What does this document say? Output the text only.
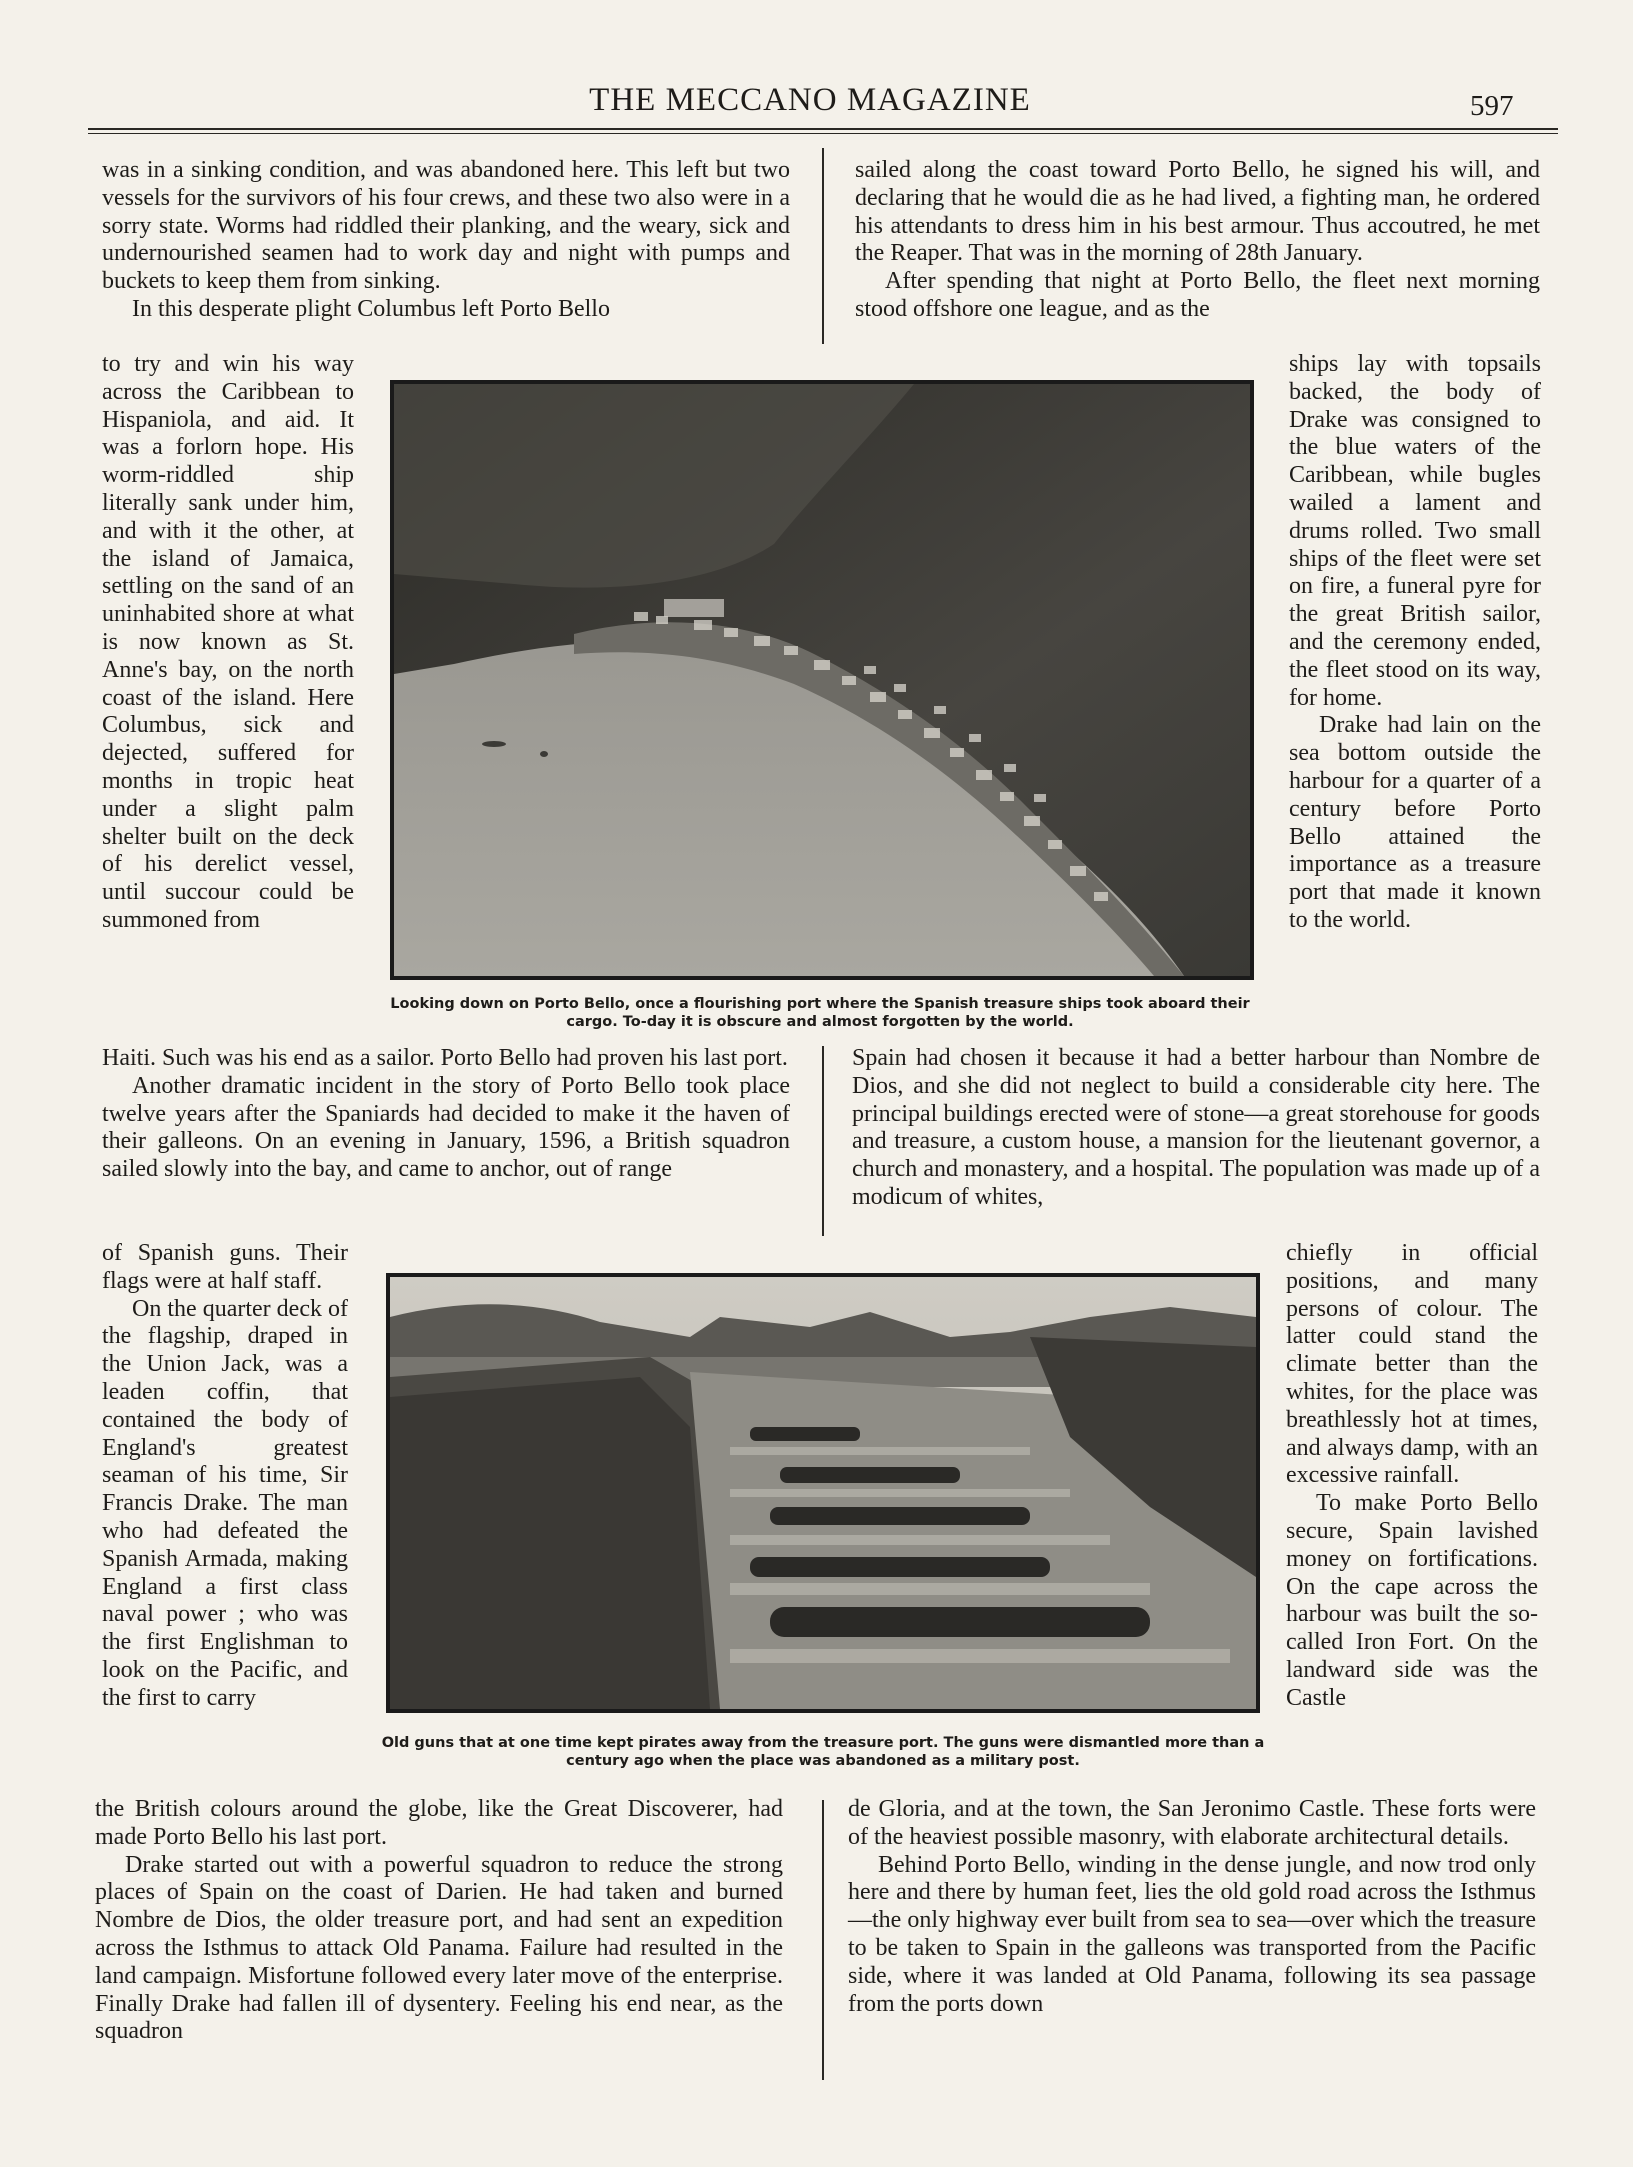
THE MECCANO MAGAZINE	597

was in a sinking condition, and was abandoned here. This left but two vessels for the survivors of his four crews, and these two also were in a sorry state. Worms had riddled their planking, and the weary, sick and undernourished seamen had to work day and night with pumps and buckets to keep them from sinking.

In this desperate plight Columbus left Porto Bello

to try and win his way across the Caribbean to Hispaniola, and aid. It was a forlorn hope. His worm-riddled ship literally sank under him, and with it the other, at the island of Jamaica, settling on the sand of an uninhabited shore at what is now known as St. Anne's bay, on the north coast of the island. Here Columbus, sick and dejected, suffered for months in tropic heat under a slight palm shelter built on the deck of his derelict vessel, until succour could be summoned from

Haiti. Such was his end as a sailor. Porto Bello had proven his last port.

Another dramatic incident in the story of Porto Bello took place twelve years after the Spaniards had decided to make it the haven of their galleons. On an evening in January, 1596, a British squadron sailed slowly into the bay, and came to anchor, out of range

of Spanish guns. Their flags were at half staff.

On the quarter deck of the flagship, draped in the Union Jack, was a leaden coffin, that contained the body of England's greatest seaman of his time, Sir Francis Drake. The man who had defeated the Spanish Armada, making England a first class naval power ; who was the first Englishman to look on the Pacific, and the first to carry

the British colours around the globe, like the Great Discoverer, had made Porto Bello his last port.

Drake started out with a powerful squadron to reduce the strong places of Spain on the coast of Darien. He had taken and burned Nombre de Dios, the older treasure port, and had sent an expedition across the Isthmus to attack Old Panama. Failure had resulted in the land campaign. Misfortune followed every later move of the enterprise. Finally Drake had fallen ill of dysentery. Feeling his end near, as the squadron

sailed along the coast toward Porto Bello, he signed his will, and declaring that he would die as he had lived, a fighting man, he ordered his attendants to dress him in his best armour. Thus accoutred, he met the Reaper. That was in the morning of 28th January.

After spending that night at Porto Bello, the fleet next morning stood offshore one league, and as the

ships lay with topsails backed, the body of Drake was consigned to the blue waters of the Caribbean, while bugles wailed a lament and drums rolled. Two small ships of the fleet were set on fire, a funeral pyre for the great British sailor, and the ceremony ended, the fleet stood on its way, for home.

Drake had lain on the sea bottom outside the harbour for a quarter of a century before Porto Bello attained the importance as a treasure port that made it known to the world.

Spain had chosen it because it had a better harbour than Nombre de Dios, and she did not neglect to build a considerable city here. The principal buildings erected were of stone—a great storehouse for goods and treasure, a custom house, a mansion for the lieutenant governor, a church and monastery, and a hospital. The population was made up of a modicum of whites,

chiefly in official positions, and many persons of colour. The latter could stand the climate better than the whites, for the place was breathlessly hot at times, and always damp, with an excessive rainfall.

To make Porto Bello secure, Spain lavished money on fortifications. On the cape across the harbour was built the so-called Iron Fort. On the landward side was the Castle

de Gloria, and at the town, the San Jeronimo Castle. These forts were of the heaviest possible masonry, with elaborate architectural details.

Behind Porto Bello, winding in the dense jungle, and now trod only here and there by human feet, lies the old gold road across the Isthmus—the only highway ever built from sea to sea—over which the treasure to be taken to Spain in the galleons was transported from the Pacific side, where it was landed at Old Panama, following its sea passage from the ports down

Looking down on Porto Bello, once a flourishing port where the Spanish treasure ships took aboard their cargo. To-day it is obscure and almost forgotten by the world.

Old guns that at one time kept pirates away from the treasure port. The guns were dismantled more than a century ago when the place was abandoned as a military post.
